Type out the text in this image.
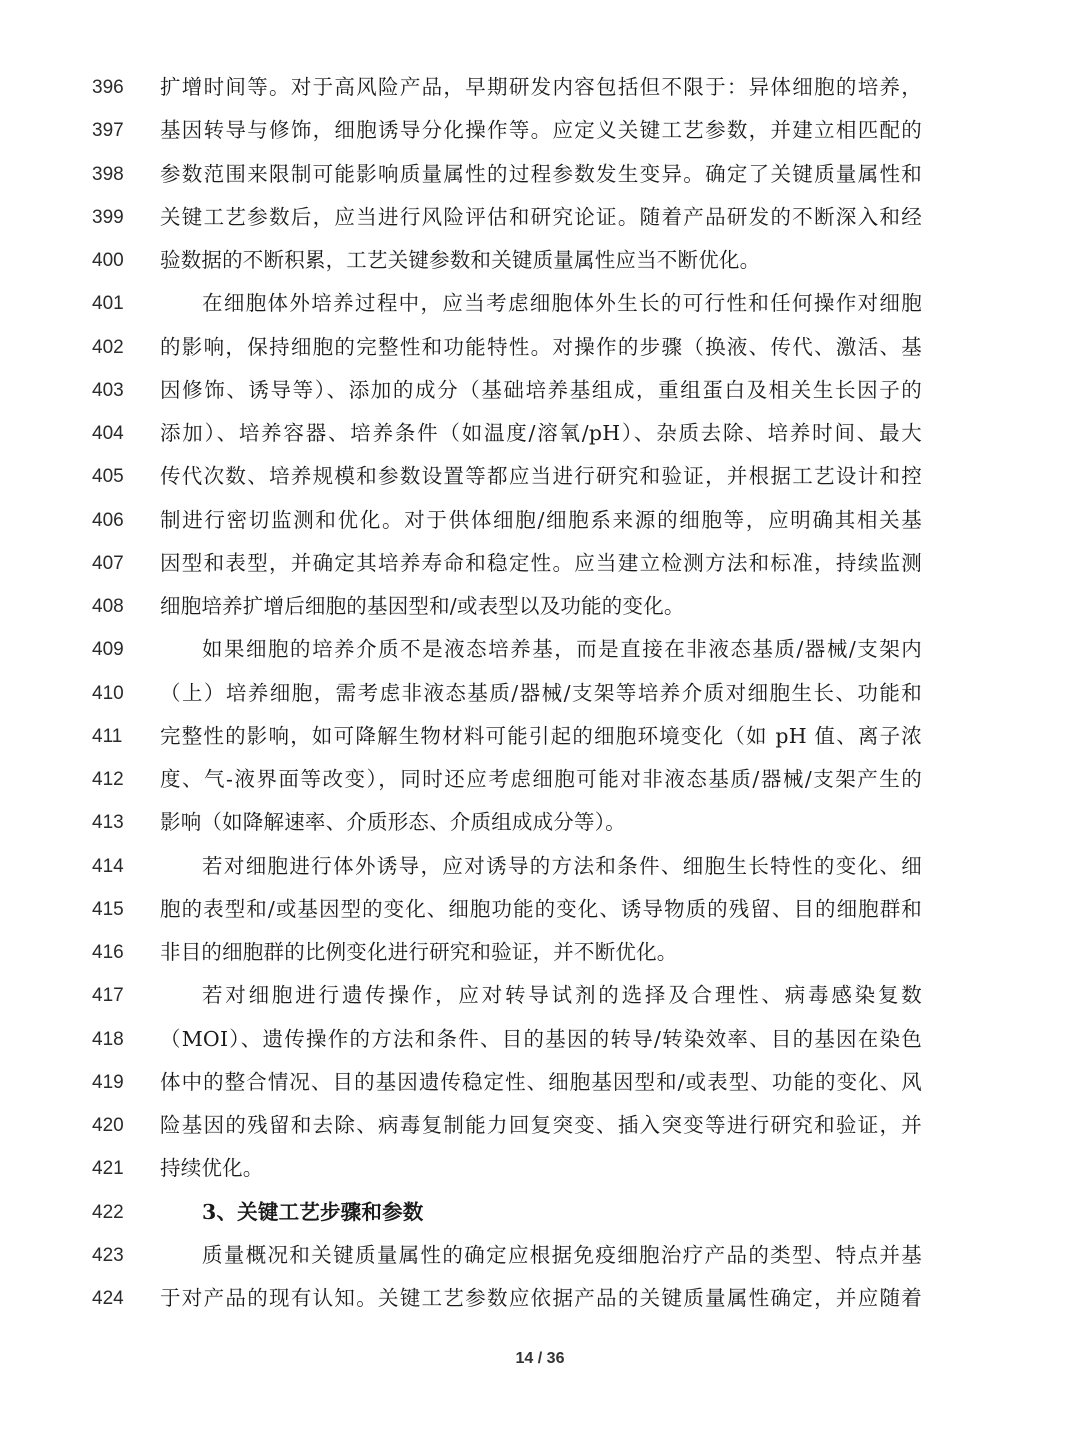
396	扩增时间等。对于高风险产品，早期研发内容包括但不限于：异体细胞的培养，
397	基因转导与修饰，细胞诱导分化操作等。应定义关键工艺参数，并建立相匹配的
398	参数范围来限制可能影响质量属性的过程参数发生变异。确定了关键质量属性和
399	关键工艺参数后，应当进行风险评估和研究论证。随着产品研发的不断深入和经
400	验数据的不断积累，工艺关键参数和关键质量属性应当不断优化。
401	在细胞体外培养过程中，应当考虑细胞体外生长的可行性和任何操作对细胞
402	的影响，保持细胞的完整性和功能特性。对操作的步骤（换液、传代、激活、基
403	因修饰、诱导等）、添加的成分（基础培养基组成，重组蛋白及相关生长因子的
404	添加）、培养容器、培养条件（如温度/溶氧/pH）、杂质去除、培养时间、最大
405	传代次数、培养规模和参数设置等都应当进行研究和验证，并根据工艺设计和控
406	制进行密切监测和优化。对于供体细胞/细胞系来源的细胞等，应明确其相关基
407	因型和表型，并确定其培养寿命和稳定性。应当建立检测方法和标准，持续监测
408	细胞培养扩增后细胞的基因型和/或表型以及功能的变化。
409	如果细胞的培养介质不是液态培养基，而是直接在非液态基质/器械/支架内
410	（上）培养细胞，需考虑非液态基质/器械/支架等培养介质对细胞生长、功能和
411	完整性的影响，如可降解生物材料可能引起的细胞环境变化（如 pH 值、离子浓
412	度、气-液界面等改变），同时还应考虑细胞可能对非液态基质/器械/支架产生的
413	影响（如降解速率、介质形态、介质组成成分等）。
414	若对细胞进行体外诱导，应对诱导的方法和条件、细胞生长特性的变化、细
415	胞的表型和/或基因型的变化、细胞功能的变化、诱导物质的残留、目的细胞群和
416	非目的细胞群的比例变化进行研究和验证，并不断优化。
417	若对细胞进行遗传操作，应对转导试剂的选择及合理性、病毒感染复数
418	（MOI）、遗传操作的方法和条件、目的基因的转导/转染效率、目的基因在染色
419	体中的整合情况、目的基因遗传稳定性、细胞基因型和/或表型、功能的变化、风
420	险基因的残留和去除、病毒复制能力回复突变、插入突变等进行研究和验证，并
421	持续优化。
422	3、关键工艺步骤和参数
423	质量概况和关键质量属性的确定应根据免疫细胞治疗产品的类型、特点并基
424	于对产品的现有认知。关键工艺参数应依据产品的关键质量属性确定，并应随着
14 / 36
